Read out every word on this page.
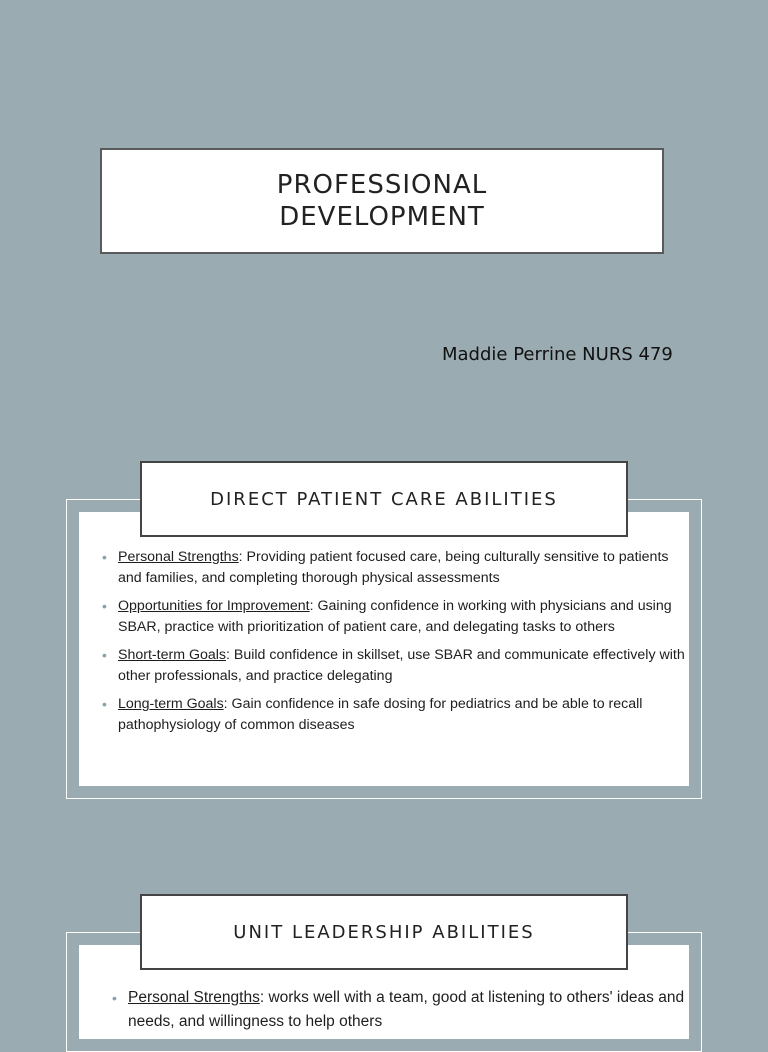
PROFESSIONAL
DEVELOPMENT
Maddie Perrine NURS 479
DIRECT PATIENT CARE ABILITIES
• Personal Strengths: Providing patient focused care, being culturally sensitive to patients and families, and completing thorough physical assessments
• Opportunities for Improvement: Gaining confidence in working with physicians and using SBAR, practice with prioritization of patient care, and delegating tasks to others
• Short-term Goals: Build confidence in skillset, use SBAR and communicate effectively with other professionals, and practice delegating
• Long-term Goals: Gain confidence in safe dosing for pediatrics and be able to recall pathophysiology of common diseases
UNIT LEADERSHIP ABILITIES
• Personal Strengths: works well with a team, good at listening to others' ideas and needs, and willingness to help others
